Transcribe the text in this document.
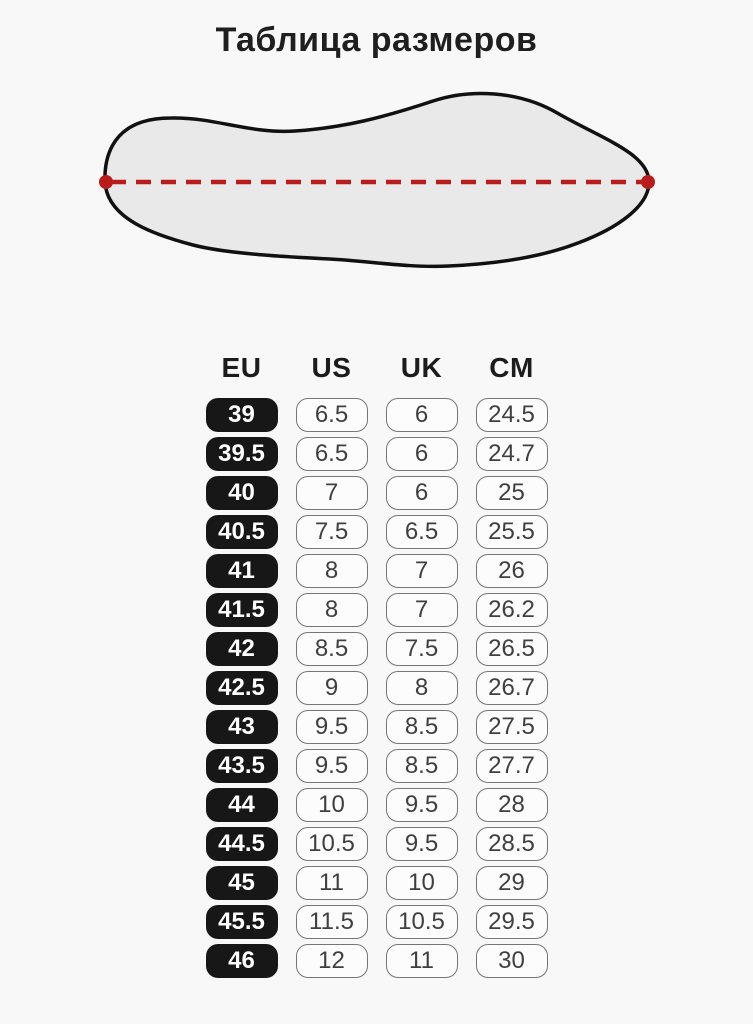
Таблица размеров
EU	US	UK	CM
39	6.5	6	24.5
39.5	6.5	6	24.7
40	7	6	25
40.5	7.5	6.5	25.5
41	8	7	26
41.5	8	7	26.2
42	8.5	7.5	26.5
42.5	9	8	26.7
43	9.5	8.5	27.5
43.5	9.5	8.5	27.7
44	10	9.5	28
44.5	10.5	9.5	28.5
45	11	10	29
45.5	11.5	10.5	29.5
46	12	11	30
